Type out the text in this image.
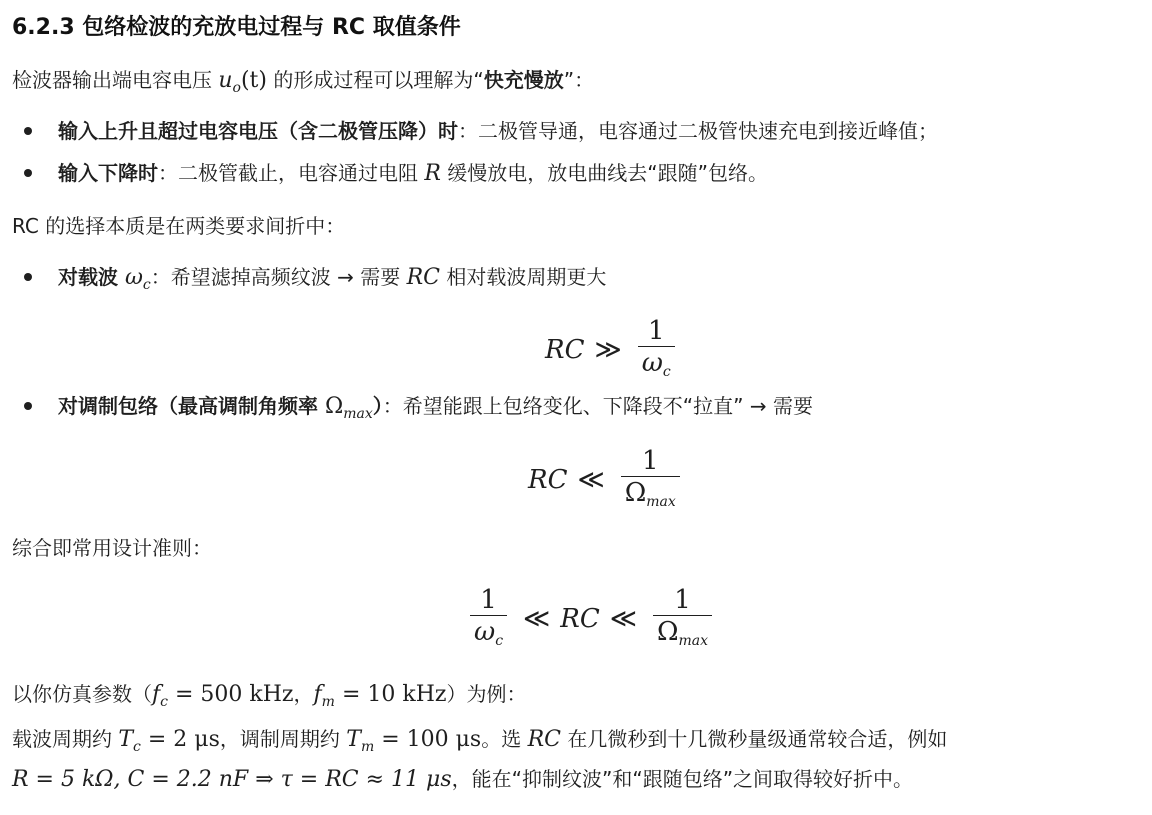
6.2.3 包络检波的充放电过程与 RC 取值条件
检波器输出端电容电压 $u_o(t)$ 的形成过程可以理解为“快充慢放”：
输入上升且超过电容电压（含二极管压降）时：二极管导通，电容通过二极管快速充电到接近峰值；
输入下降时：二极管截止，电容通过电阻 R 缓慢放电，放电曲线去“跟随”包络。
RC 的选择本质是在两类要求间折中：
对载波 $\omega_c$：希望滤掉高频纹波 → 需要 RC 相对载波周期更大
RC ≫ $\frac{1}{\omega c}$
对调制包络（最高调制角频率 $\Omega_{max}$）：希望能跟上包络变化、下降段不“拉直” → 需要
RC ≪ $\frac{1}{\Omega\max}$
综合即常用设计准则：
$\frac{1}{\omega c}$ ≪ RC ≪ $\frac{1}{\Omega\max}$
以你仿真参数（$f_c = 500$ kHz，$f_m = 10$ kHz）为例：
载波周期约 $T_c = 2$ μs，调制周期约 $T_m = 100$ μs。选 RC 在几微秒到十几微秒量级通常较合适，例如
R = 5 kΩ, C = 2.2 nF ⇒ τ = RC ≈ 11 μs，能在“抑制纹波”和“跟随包络”之间取得较好折中。
